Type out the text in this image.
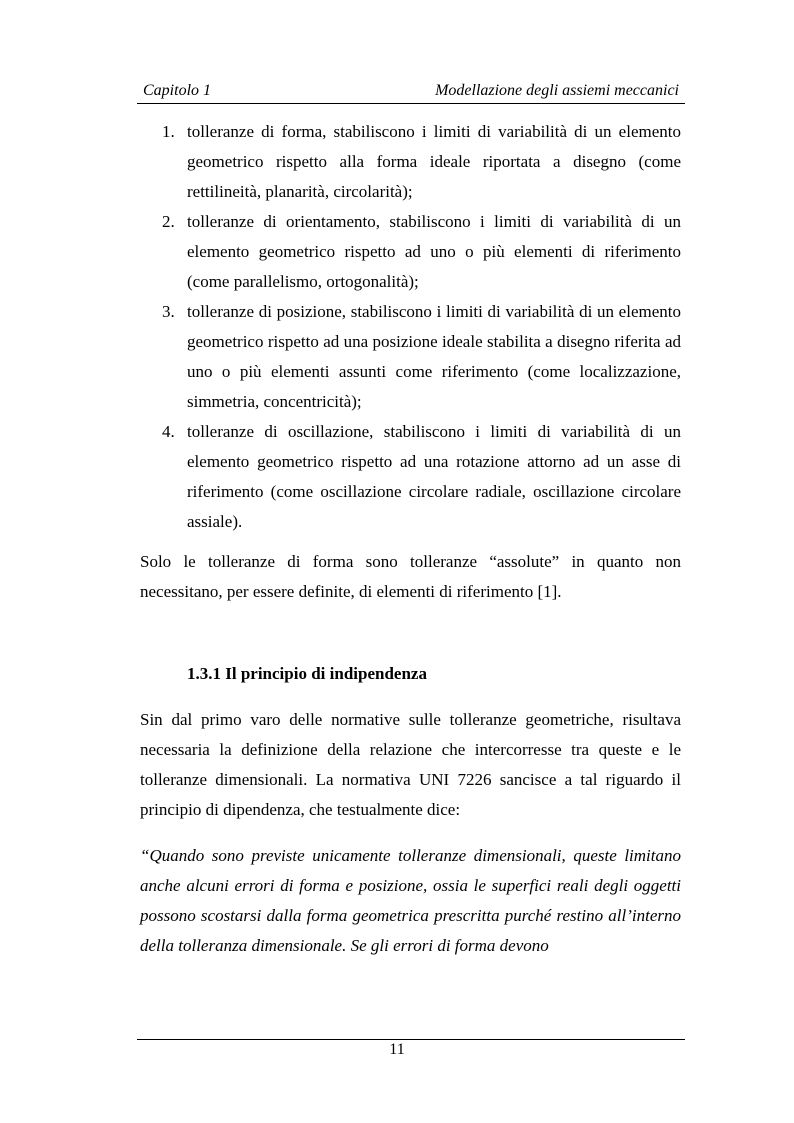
Capitolo 1	Modellazione degli assiemi meccanici
1. tolleranze di forma, stabiliscono i limiti di variabilità di un elemento geometrico rispetto alla forma ideale riportata a disegno (come rettilineità, planarità, circolarità);
2. tolleranze di orientamento, stabiliscono i limiti di variabilità di un elemento geometrico rispetto ad uno o più elementi di riferimento (come parallelismo, ortogonalità);
3. tolleranze di posizione, stabiliscono i limiti di variabilità di un elemento geometrico rispetto ad una posizione ideale stabilita a disegno riferita ad uno o più elementi assunti come riferimento (come localizzazione, simmetria, concentricità);
4. tolleranze di oscillazione, stabiliscono i limiti di variabilità di un elemento geometrico rispetto ad una rotazione attorno ad un asse di riferimento (come oscillazione circolare radiale, oscillazione circolare assiale).

Solo le tolleranze di forma sono tolleranze “assolute” in quanto non necessitano, per essere definite, di elementi di riferimento [1].

1.3.1 Il principio di indipendenza

Sin dal primo varo delle normative sulle tolleranze geometriche, risultava necessaria la definizione della relazione che intercorresse tra queste e le tolleranze dimensionali. La normativa UNI 7226 sancisce a tal riguardo il principio di dipendenza, che testualmente dice:

“Quando sono previste unicamente tolleranze dimensionali, queste limitano anche alcuni errori di forma e posizione, ossia le superfici reali degli oggetti possono scostarsi dalla forma geometrica prescritta purché restino all’interno della tolleranza dimensionale. Se gli errori di forma devono

11
